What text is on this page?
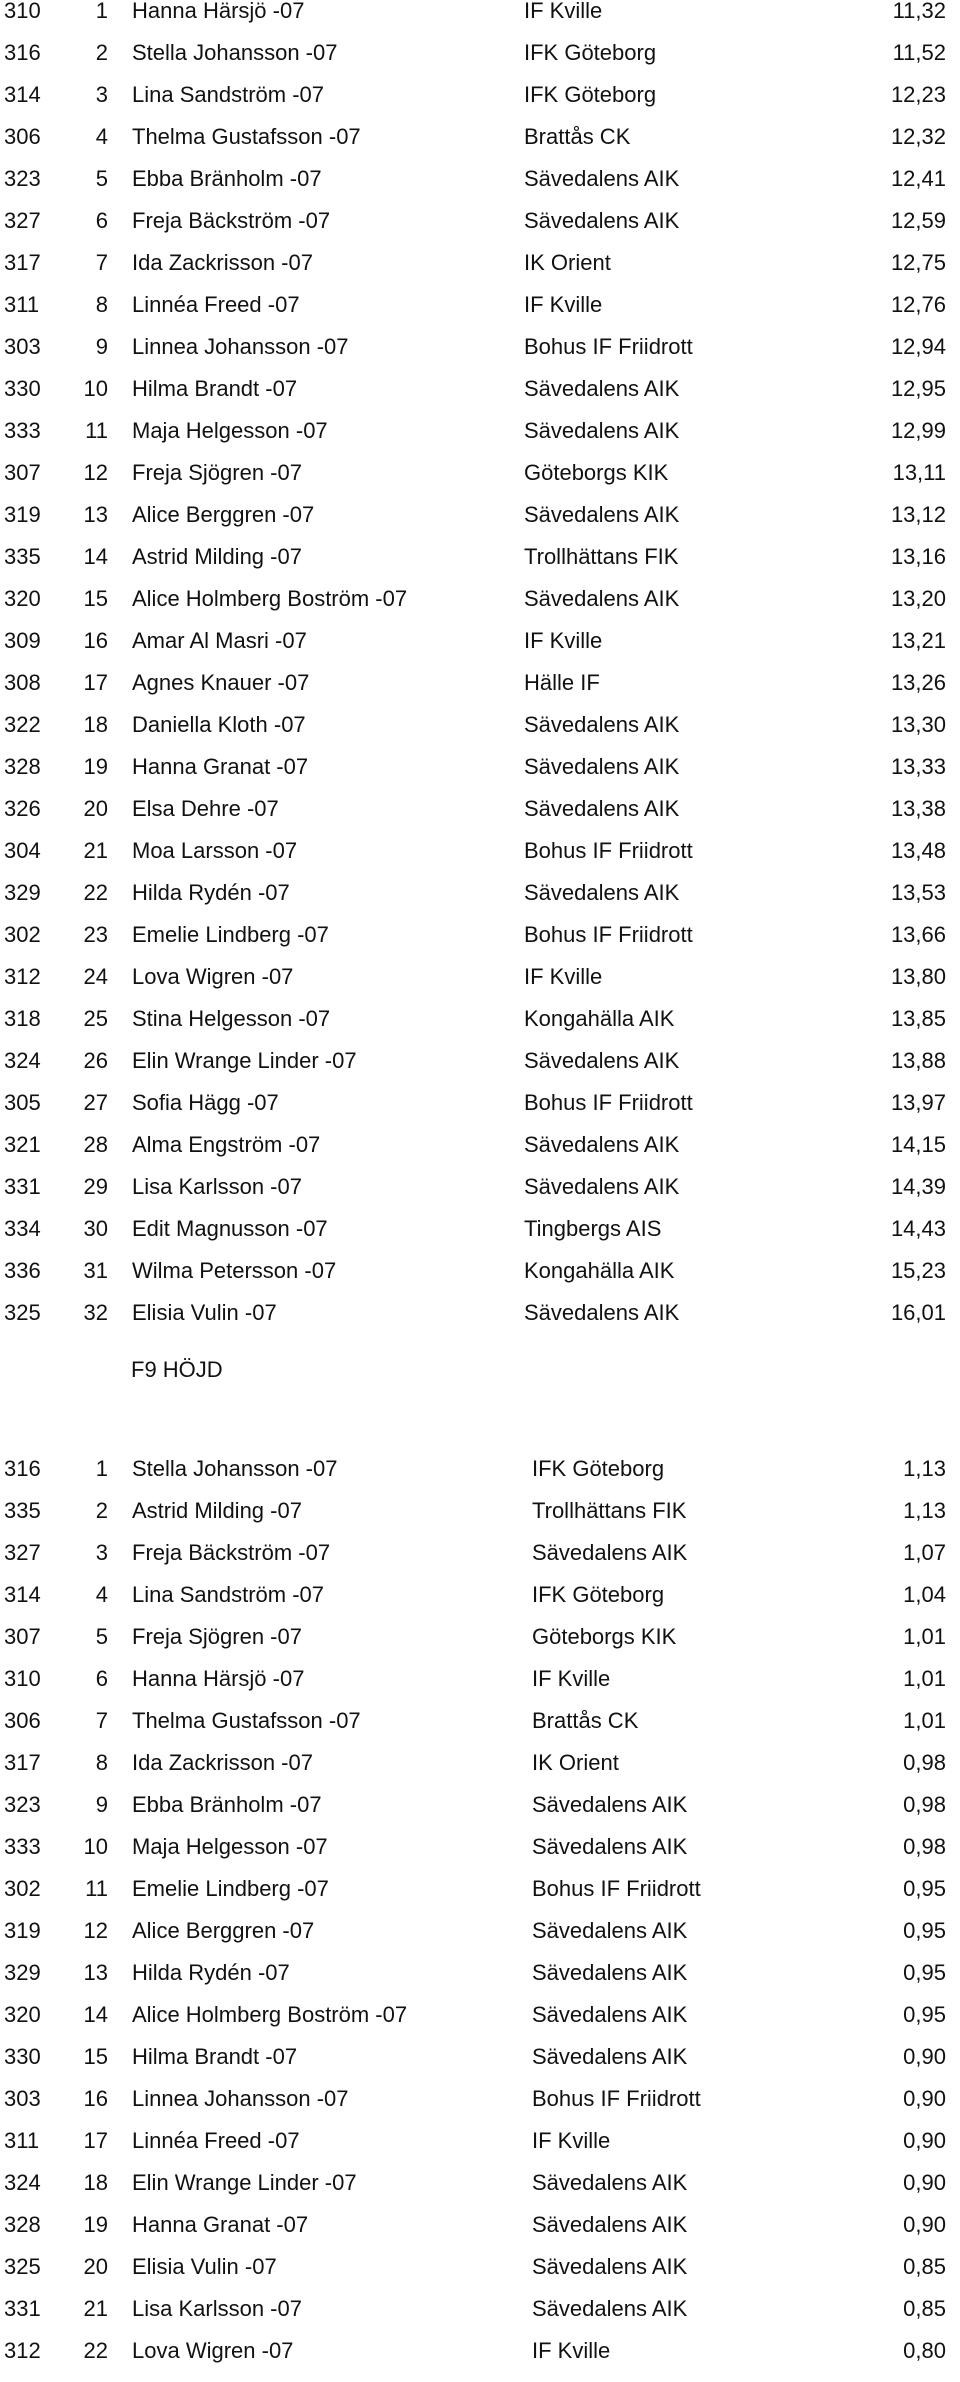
310	1 Hanna Härsjö -07	IF Kville	11,32
316	2 Stella Johansson -07	IFK Göteborg	11,52
314	3 Lina Sandström -07	IFK Göteborg	12,23
306	4 Thelma Gustafsson -07	Brattås CK	12,32
323	5 Ebba Bränholm -07	Sävedalens AIK	12,41
327	6 Freja Bäckström -07	Sävedalens AIK	12,59
317	7 Ida Zackrisson -07	IK Orient	12,75
311	8 Linnéa Freed -07	IF Kville	12,76
303	9 Linnea Johansson -07	Bohus IF Friidrott	12,94
330	10 Hilma Brandt -07	Sävedalens AIK	12,95
333	11 Maja Helgesson -07	Sävedalens AIK	12,99
307	12 Freja Sjögren -07	Göteborgs KIK	13,11
319	13 Alice Berggren -07	Sävedalens AIK	13,12
335	14 Astrid Milding -07	Trollhättans FIK	13,16
320	15 Alice Holmberg Boström -07	Sävedalens AIK	13,20
309	16 Amar Al Masri -07	IF Kville	13,21
308	17 Agnes Knauer -07	Hälle IF	13,26
322	18 Daniella Kloth -07	Sävedalens AIK	13,30
328	19 Hanna Granat -07	Sävedalens AIK	13,33
326	20 Elsa Dehre -07	Sävedalens AIK	13,38
304	21 Moa Larsson -07	Bohus IF Friidrott	13,48
329	22 Hilda Rydén -07	Sävedalens AIK	13,53
302	23 Emelie Lindberg -07	Bohus IF Friidrott	13,66
312	24 Lova Wigren -07	IF Kville	13,80
318	25 Stina Helgesson -07	Kongahälla AIK	13,85
324	26 Elin Wrange Linder -07	Sävedalens AIK	13,88
305	27 Sofia Hägg -07	Bohus IF Friidrott	13,97
321	28 Alma Engström -07	Sävedalens AIK	14,15
331	29 Lisa Karlsson -07	Sävedalens AIK	14,39
334	30 Edit Magnusson -07	Tingbergs AIS	14,43
336	31 Wilma Petersson -07	Kongahälla AIK	15,23
325	32 Elisia Vulin -07	Sävedalens AIK	16,01
F9 HÖJD
316	1 Stella Johansson -07	IFK Göteborg	1,13
335	2 Astrid Milding -07	Trollhättans FIK	1,13
327	3 Freja Bäckström -07	Sävedalens AIK	1,07
314	4 Lina Sandström -07	IFK Göteborg	1,04
307	5 Freja Sjögren -07	Göteborgs KIK	1,01
310	6 Hanna Härsjö -07	IF Kville	1,01
306	7 Thelma Gustafsson -07	Brattås CK	1,01
317	8 Ida Zackrisson -07	IK Orient	0,98
323	9 Ebba Bränholm -07	Sävedalens AIK	0,98
333	10 Maja Helgesson -07	Sävedalens AIK	0,98
302	11 Emelie Lindberg -07	Bohus IF Friidrott	0,95
319	12 Alice Berggren -07	Sävedalens AIK	0,95
329	13 Hilda Rydén -07	Sävedalens AIK	0,95
320	14 Alice Holmberg Boström -07	Sävedalens AIK	0,95
330	15 Hilma Brandt -07	Sävedalens AIK	0,90
303	16 Linnea Johansson -07	Bohus IF Friidrott	0,90
311	17 Linnéa Freed -07	IF Kville	0,90
324	18 Elin Wrange Linder -07	Sävedalens AIK	0,90
328	19 Hanna Granat -07	Sävedalens AIK	0,90
325	20 Elisia Vulin -07	Sävedalens AIK	0,85
331	21 Lisa Karlsson -07	Sävedalens AIK	0,85
312	22 Lova Wigren -07	IF Kville	0,80
